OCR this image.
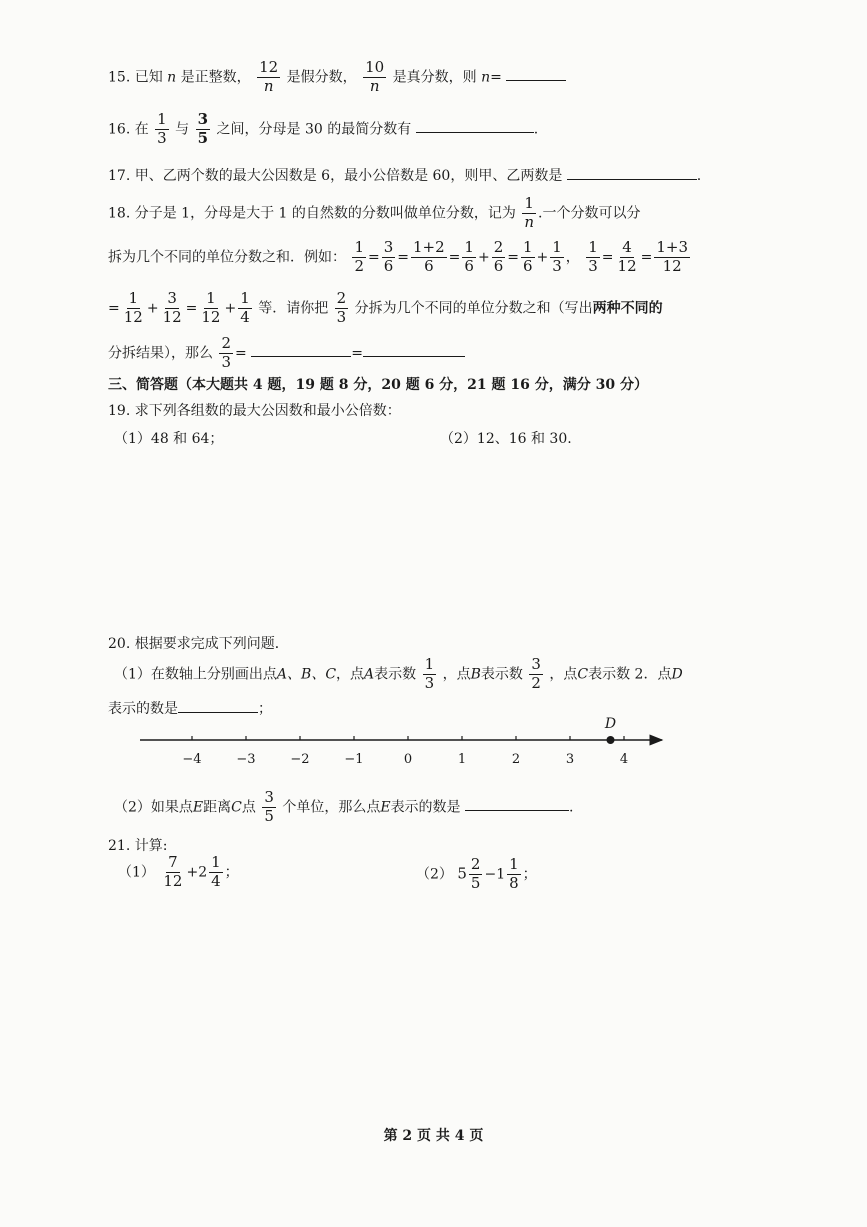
15. 已知 n 是正整数， $\frac{12}{n}$ 是假分数， $\frac{10}{n}$ 是真分数，则 n=
16. 在 $\frac{1}{3}$ 与 $\frac{3}{5}$ 之间，分母是 30 的最简分数有	.
17. 甲、乙两个数的最大公因数是 6，最小公倍数是 60，则甲、乙两数是	.
18. 分子是 1，分母是大于 1 的自然数的分数叫做单位分数，记为 $\frac{1}{n}$ .一个分数可以分
拆为几个不同的单位分数之和．例如： $\frac{1}{2} = \frac{3}{6} = \frac{1+2}{6} = \frac{1}{6} + \frac{2}{6} = \frac{1}{6} + \frac{1}{3}$ ， $\frac{1}{3} = \frac{4}{12} = \frac{1+3}{12}$
= $\frac{1}{12} + \frac{3}{12} = \frac{1}{12} + \frac{1}{4}$ 等．请你把 $\frac{2}{3}$ 分拆为几个不同的单位分数之和（写出两种不同的
分拆结果），那么 $\frac{2}{3}$ =	=
三、简答题（本大题共 4 题，19 题 8 分，20 题 6 分，21 题 16 分，满分 30 分）
19. 求下列各组数的最大公因数和最小公倍数：
（1）48 和 64；	（2）12、16 和 30.
20. 根据要求完成下列问题．
（1）在数轴上分别画出点A、B、C，点A表示数 $\frac{1}{3}$ ，点B表示数 $\frac{3}{2}$ ，点C表示数 2．点D
表示的数是	；
−4	−3	−2	−1	0	1	2	3	4
D
（2）如果点E距离C点 $\frac{3}{5}$ 个单位，那么点E表示的数是	.
21. 计算:
$(1) \frac{7}{12} +2 \frac{1}{4}$ ；	（2） $5 \frac{2}{5} -1 \frac{1}{8}$ ；
第 2 页 共 4 页
